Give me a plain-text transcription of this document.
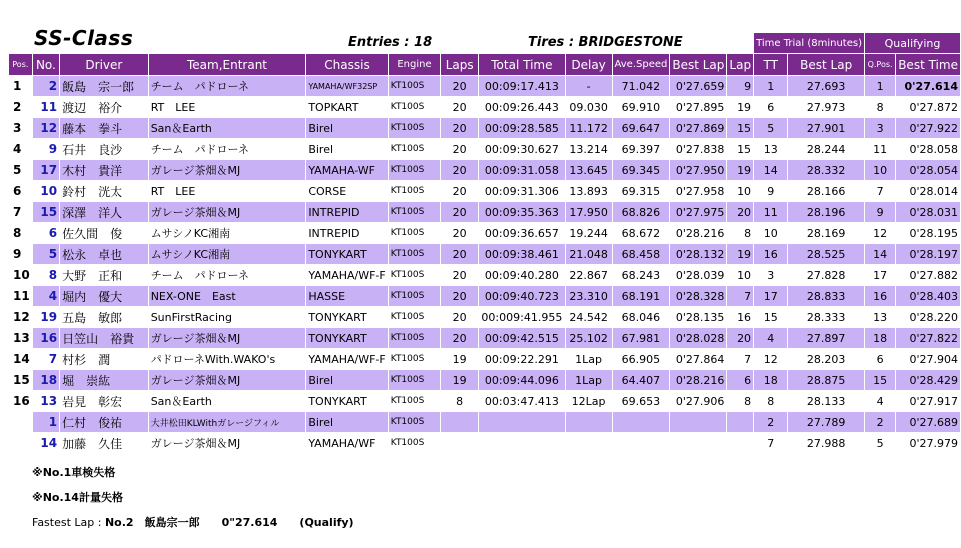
SS-Class	Entries : 18	Tires : BRIDGESTONE
												Time Trial (8minutes)		Qualifying	
Pos.	No.	Driver	Team,Entrant	Chassis	Engine	Laps	Total Time	Delay	Ave.Speed	Best Lap	Lap	TT	Best Lap	Q.Pos.	Best Time
1	2	飯島　宗一郎	チーム　パドローネ	YAMAHA/WF32SP	KT100S	20	00:09:17.413	-	71.042	0'27.659	9	1	27.693	1	0'27.614
2	11	渡辺　裕介	RT　LEE	TOPKART	KT100S	20	00:09:26.443	09.030	69.910	0'27.895	19	6	27.973	8	0'27.872
3	12	藤本　拳斗	San＆Earth	Birel	KT100S	20	00:09:28.585	11.172	69.647	0'27.869	15	5	27.901	3	0'27.922
4	9	石井　良沙	チーム　パドローネ	Birel	KT100S	20	00:09:30.627	13.214	69.397	0'27.838	15	13	28.244	11	0'28.058
5	17	木村　貴洋	ガレージ茶畑＆MJ	YAMAHA-WF	KT100S	20	00:09:31.058	13.645	69.345	0'27.950	19	14	28.332	10	0'28.054
6	10	鈴村　洸太	RT　LEE	CORSE	KT100S	20	00:09:31.306	13.893	69.315	0'27.958	10	9	28.166	7	0'28.014
7	15	深澤　洋人	ガレージ茶畑＆MJ	INTREPID	KT100S	20	00:09:35.363	17.950	68.826	0'27.975	20	11	28.196	9	0'28.031
8	6	佐久間　俊	ムサシノKC湘南	INTREPID	KT100S	20	00:09:36.657	19.244	68.672	0'28.216	8	10	28.169	12	0'28.195
9	5	松永　卓也	ムサシノKC湘南	TONYKART	KT100S	20	00:09:38.461	21.048	68.458	0'28.132	19	16	28.525	14	0'28.197
10	8	大野　正和	チーム　パドローネ	YAMAHA/WF-F	KT100S	20	00:09:40.280	22.867	68.243	0'28.039	10	3	27.828	17	0'27.882
11	4	堀内　優大	NEX-ONE　East	HASSE	KT100S	20	00:09:40.723	23.310	68.191	0'28.328	7	17	28.833	16	0'28.403
12	19	五島　敏郎	SunFirstRacing	TONYKART	KT100S	20	00:009:41.955	24.542	68.046	0'28.135	16	15	28.333	13	0'28.220
13	16	日笠山　裕貴	ガレージ茶畑＆MJ	TONYKART	KT100S	20	00:09:42.515	25.102	67.981	0'28.028	20	4	27.897	18	0'27.822
14	7	村杉　潤	パドローネWith.WAKO's	YAMAHA/WF-F	KT100S	19	00:09:22.291	1Lap	66.905	0'27.864	7	12	28.203	6	0'27.904
15	18	堀　崇紘	ガレージ茶畑＆MJ	Birel	KT100S	19	00:09:44.096	1Lap	64.407	0'28.216	6	18	28.875	15	0'28.429
16	13	岩見　彰宏	San＆Earth	TONYKART	KT100S	8	00:03:47.413	12Lap	69.653	0'27.906	8	8	28.133	4	0'27.917
	1	仁村　俊祐	大井松田KLWithガレージフィル	Birel	KT100S							2	27.789	2	0'27.689
	14	加藤　久佳	ガレージ茶畑＆MJ	YAMAHA/WF	KT100S							7	27.988	5	0'27.979
※No.1車検失格
※No.14計量失格
Fastest Lap : No.2　 飯島宗一郎　　 0"27.614　　 (Qualify)
